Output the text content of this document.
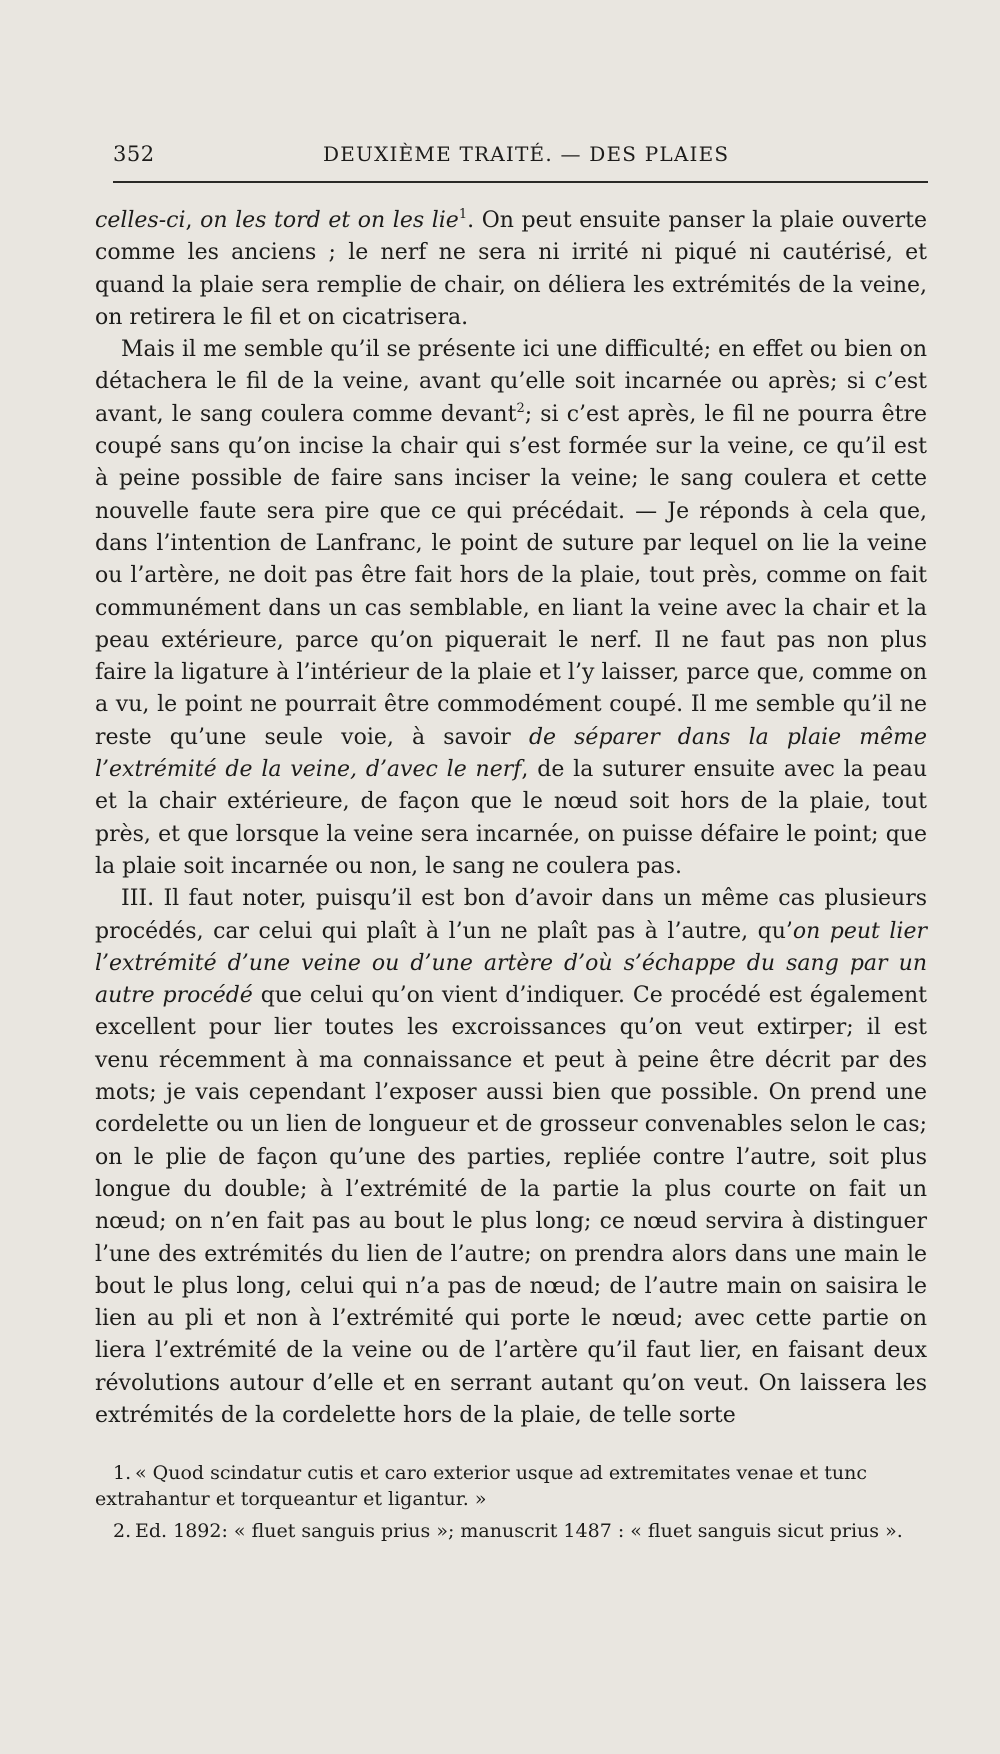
352	DEUXIÈME TRAITÉ. — DES PLAIES

celles-ci, on les tord et on les lie$^1$. On peut ensuite panser la plaie ouverte comme les anciens ; le nerf ne sera ni irrité ni piqué ni cautérisé, et quand la plaie sera remplie de chair, on déliera les extrémités de la veine, on retirera le fil et on cicatrisera.

Mais il me semble qu’il se présente ici une difficulté; en effet ou bien on détachera le fil de la veine, avant qu’elle soit incarnée ou après; si c’est avant, le sang coulera comme devant$^2$; si c’est après, le fil ne pourra être coupé sans qu’on incise la chair qui s’est formée sur la veine, ce qu’il est à peine possible de faire sans inciser la veine; le sang coulera et cette nouvelle faute sera pire que ce qui précédait. — Je réponds à cela que, dans l’intention de Lanfranc, le point de suture par lequel on lie la veine ou l’artère, ne doit pas être fait hors de la plaie, tout près, comme on fait communément dans un cas semblable, en liant la veine avec la chair et la peau extérieure, parce qu’on piquerait le nerf. Il ne faut pas non plus faire la ligature à l’intérieur de la plaie et l’y laisser, parce que, comme on a vu, le point ne pourrait être commodément coupé. Il me semble qu’il ne reste qu’une seule voie, à savoir de séparer dans la plaie même l’extrémité de la veine, d’avec le nerf, de la suturer ensuite avec la peau et la chair extérieure, de façon que le nœud soit hors de la plaie, tout près, et que lorsque la veine sera incarnée, on puisse défaire le point; que la plaie soit incarnée ou non, le sang ne coulera pas.

III. Il faut noter, puisqu’il est bon d’avoir dans un même cas plusieurs procédés, car celui qui plaît à l’un ne plaît pas à l’autre, qu’on peut lier l’extrémité d’une veine ou d’une artère d’où s’échappe du sang par un autre procédé que celui qu’on vient d’indiquer. Ce procédé est également excellent pour lier toutes les excroissances qu’on veut extirper; il est venu récemment à ma connaissance et peut à peine être décrit par des mots; je vais cependant l’exposer aussi bien que possible. On prend une cordelette ou un lien de longueur et de grosseur convenables selon le cas; on le plie de façon qu’une des parties, repliée contre l’autre, soit plus longue du double; à l’extrémité de la partie la plus courte on fait un nœud; on n’en fait pas au bout le plus long; ce nœud servira à distinguer l’une des extrémités du lien de l’autre; on prendra alors dans une main le bout le plus long, celui qui n’a pas de nœud; de l’autre main on saisira le lien au pli et non à l’extrémité qui porte le nœud; avec cette partie on liera l’extrémité de la veine ou de l’artère qu’il faut lier, en faisant deux révolutions autour d’elle et en serrant autant qu’on veut. On laissera les extrémités de la cordelette hors de la plaie, de telle sorte

1. « Quod scindatur cutis et caro exterior usque ad extremitates venae et tunc extrahantur et torqueantur et ligantur. »

2. Ed. 1892: « fluet sanguis prius »; manuscrit 1487 : « fluet sanguis sicut prius ».
